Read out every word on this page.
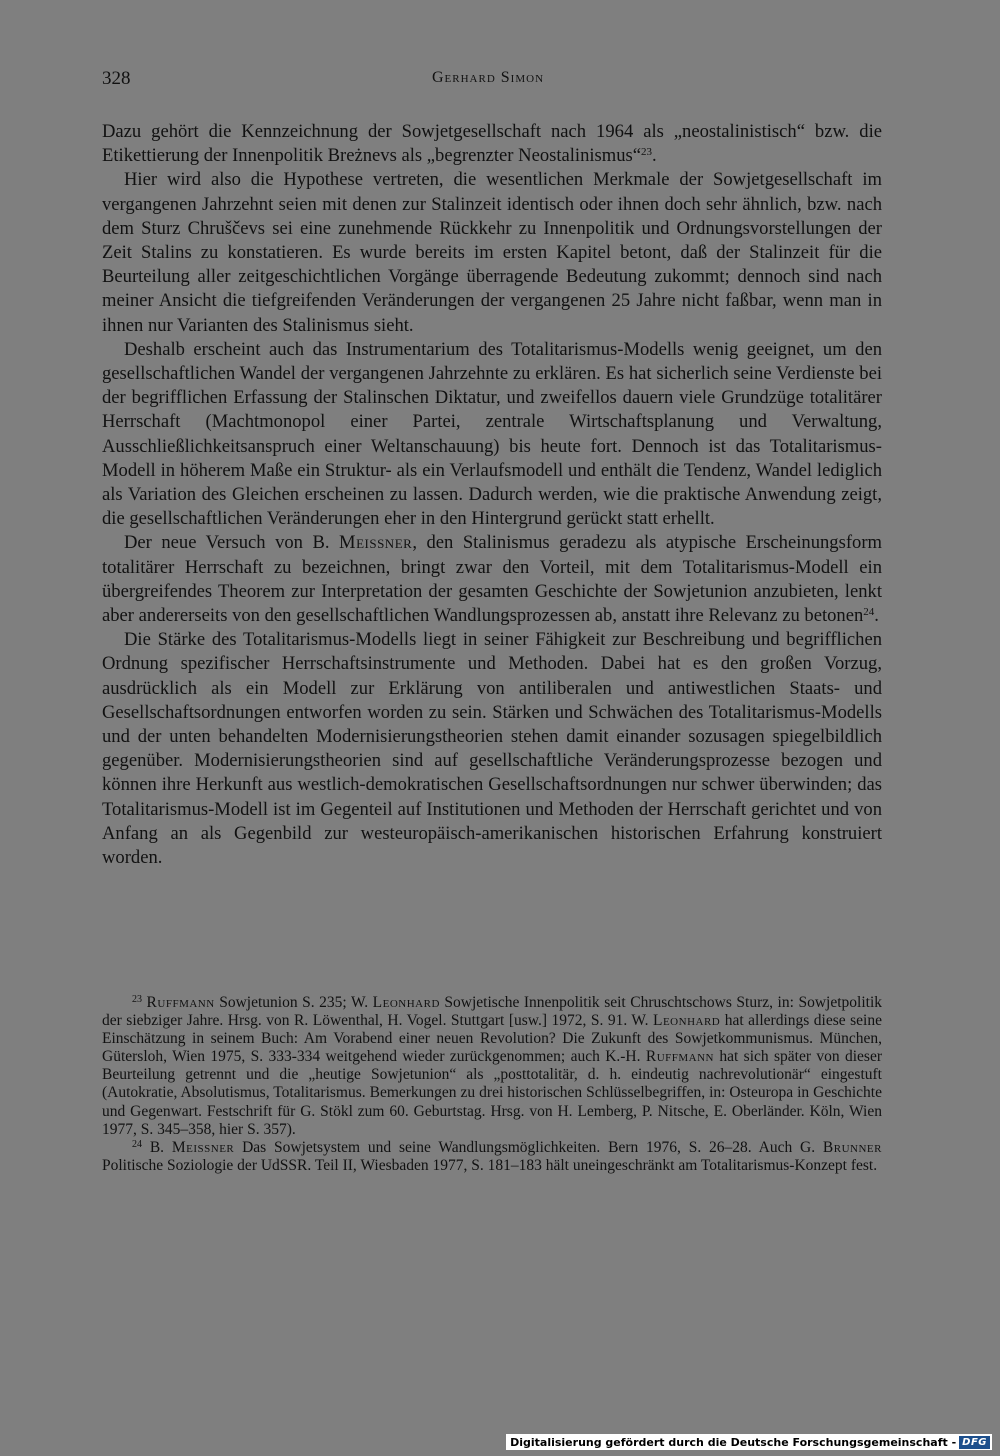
328	Gerhard Simon

Dazu gehört die Kennzeichnung der Sowjetgesellschaft nach 1964 als „neostalinistisch“ bzw. die Etikettierung der Innenpolitik Breżnevs als „begrenzter Neostalinismus“$^{23}$.

Hier wird also die Hypothese vertreten, die wesentlichen Merkmale der Sowjetgesellschaft im vergangenen Jahrzehnt seien mit denen zur Stalinzeit identisch oder ihnen doch sehr ähnlich, bzw. nach dem Sturz Chruščevs sei eine zunehmende Rückkehr zu Innenpolitik und Ordnungsvorstellungen der Zeit Stalins zu konstatieren. Es wurde bereits im ersten Kapitel betont, daß der Stalinzeit für die Beurteilung aller zeitgeschichtlichen Vorgänge überragende Bedeutung zukommt; dennoch sind nach meiner Ansicht die tiefgreifenden Veränderungen der vergangenen 25 Jahre nicht faßbar, wenn man in ihnen nur Varianten des Stalinismus sieht.

Deshalb erscheint auch das Instrumentarium des Totalitarismus-Modells wenig geeignet, um den gesellschaftlichen Wandel der vergangenen Jahrzehnte zu erklären. Es hat sicherlich seine Verdienste bei der begrifflichen Erfassung der Stalinschen Diktatur, und zweifellos dauern viele Grundzüge totalitärer Herrschaft (Machtmonopol einer Partei, zentrale Wirtschaftsplanung und Verwaltung, Ausschließlichkeitsanspruch einer Weltanschauung) bis heute fort. Dennoch ist das Totalitarismus-Modell in höherem Maße ein Struktur- als ein Verlaufsmodell und enthält die Tendenz, Wandel lediglich als Variation des Gleichen erscheinen zu lassen. Dadurch werden, wie die praktische Anwendung zeigt, die gesellschaftlichen Veränderungen eher in den Hintergrund gerückt statt erhellt.

Der neue Versuch von B. Meissner, den Stalinismus geradezu als atypische Erscheinungsform totalitärer Herrschaft zu bezeichnen, bringt zwar den Vorteil, mit dem Totalitarismus-Modell ein übergreifendes Theorem zur Interpretation der gesamten Geschichte der Sowjetunion anzubieten, lenkt aber andererseits von den gesellschaftlichen Wandlungsprozessen ab, anstatt ihre Relevanz zu betonen$^{24}$.

Die Stärke des Totalitarismus-Modells liegt in seiner Fähigkeit zur Beschreibung und begrifflichen Ordnung spezifischer Herrschaftsinstrumente und Methoden. Dabei hat es den großen Vorzug, ausdrücklich als ein Modell zur Erklärung von antiliberalen und antiwestlichen Staats- und Gesellschaftsordnungen entworfen worden zu sein. Stärken und Schwächen des Totalitarismus-Modells und der unten behandelten Modernisierungstheorien stehen damit einander sozusagen spiegelbildlich gegenüber. Modernisierungstheorien sind auf gesellschaftliche Veränderungsprozesse bezogen und können ihre Herkunft aus westlich-demokratischen Gesellschaftsordnungen nur schwer überwinden; das Totalitarismus-Modell ist im Gegenteil auf Institutionen und Methoden der Herrschaft gerichtet und von Anfang an als Gegenbild zur westeuropäisch-amerikanischen historischen Erfahrung konstruiert worden.

$^{23}$ Ruffmann Sowjetunion S. 235; W. Leonhard Sowjetische Innenpolitik seit Chruschtschows Sturz, in: Sowjetpolitik der siebziger Jahre. Hrsg. von R. Löwenthal, H. Vogel. Stuttgart [usw.] 1972, S. 91. W. Leonhard hat allerdings diese seine Einschätzung in seinem Buch: Am Vorabend einer neuen Revolution? Die Zukunft des Sowjetkommunismus. München, Gütersloh, Wien 1975, S. 333-334 weitgehend wieder zurückgenommen; auch K.-H. Ruffmann hat sich später von dieser Beurteilung getrennt und die „heutige Sowjetunion“ als „posttotalitär, d. h. eindeutig nachrevolutionär“ eingestuft (Autokratie, Absolutismus, Totalitarismus. Bemerkungen zu drei historischen Schlüsselbegriffen, in: Osteuropa in Geschichte und Gegenwart. Festschrift für G. Stökl zum 60. Geburtstag. Hrsg. von H. Lemberg, P. Nitsche, E. Oberländer. Köln, Wien 1977, S. 345–358, hier S. 357).

$^{24}$ B. Meissner Das Sowjetsystem und seine Wandlungsmöglichkeiten. Bern 1976, S. 26–28. Auch G. Brunner Politische Soziologie der UdSSR. Teil II, Wiesbaden 1977, S. 181–183 hält uneingeschränkt am Totalitarismus-Konzept fest.

Digitalisierung gefördert durch die Deutsche Forschungsgemeinschaft - DFG
